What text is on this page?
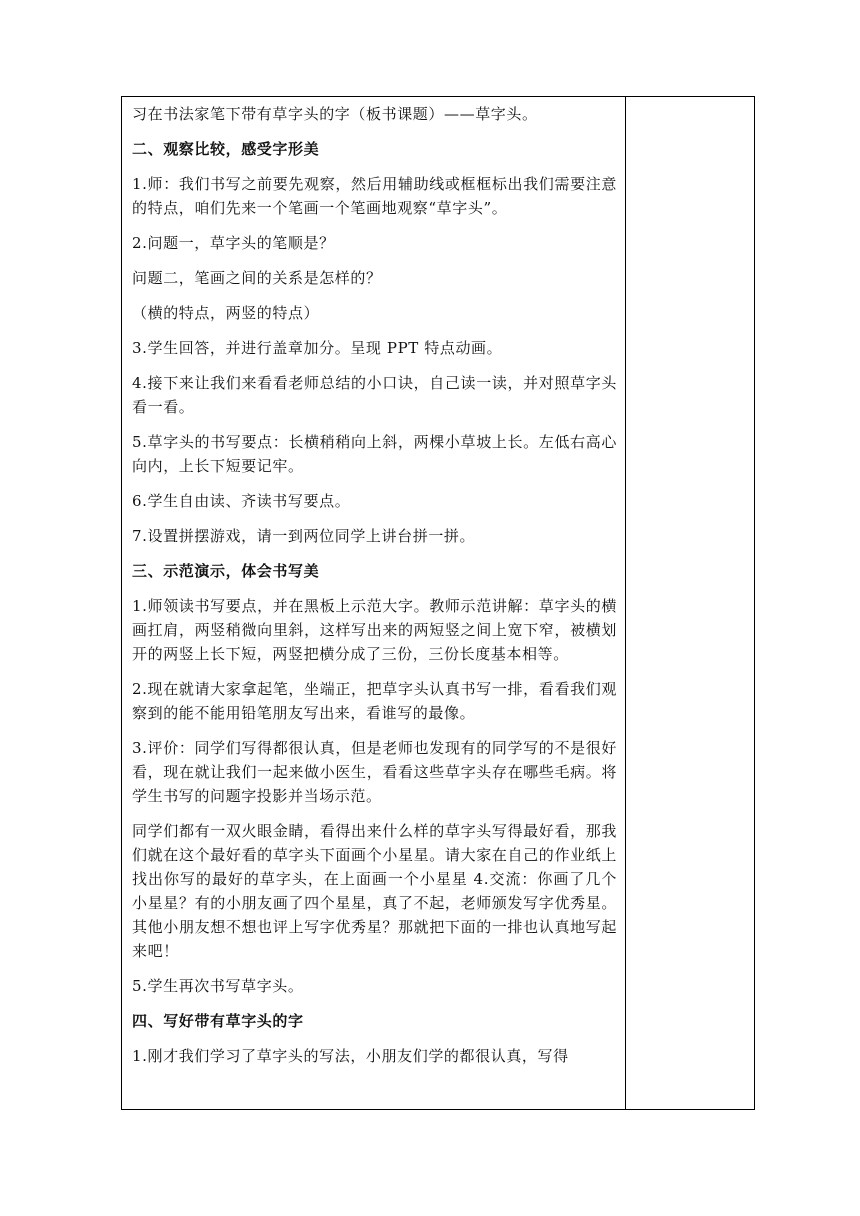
习在书法家笔下带有草字头的字（板书课题）——草字头。

二、观察比较，感受字形美

1.师：我们书写之前要先观察，然后用辅助线或框框标出我们需要注意的特点，咱们先来一个笔画一个笔画地观察“草字头”。

2.问题一，草字头的笔顺是？

问题二，笔画之间的关系是怎样的？

（横的特点，两竖的特点）

3.学生回答，并进行盖章加分。呈现 PPT 特点动画。

4.接下来让我们来看看老师总结的小口诀，自己读一读，并对照草字头看一看。

5.草字头的书写要点：长横稍稍向上斜，两棵小草坡上长。左低右高心向内，上长下短要记牢。

6.学生自由读、齐读书写要点。

7.设置拼摆游戏，请一到两位同学上讲台拼一拼。

三、示范演示，体会书写美

1.师领读书写要点，并在黑板上示范大字。教师示范讲解：草字头的横画扛肩，两竖稍微向里斜，这样写出来的两短竖之间上宽下窄，被横划开的两竖上长下短，两竖把横分成了三份，三份长度基本相等。

2.现在就请大家拿起笔，坐端正，把草字头认真书写一排，看看我们观察到的能不能用铅笔朋友写出来，看谁写的最像。

3.评价：同学们写得都很认真，但是老师也发现有的同学写的不是很好看，现在就让我们一起来做小医生，看看这些草字头存在哪些毛病。将学生书写的问题字投影并当场示范。

同学们都有一双火眼金睛，看得出来什么样的草字头写得最好看，那我们就在这个最好看的草字头下面画个小星星。请大家在自己的作业纸上找出你写的最好的草字头，在上面画一个小星星 4.交流：你画了几个小星星？有的小朋友画了四个星星，真了不起，老师颁发写字优秀星。其他小朋友想不想也评上写字优秀星？那就把下面的一排也认真地写起来吧！

5.学生再次书写草字头。

四、写好带有草字头的字

1.刚才我们学习了草字头的写法，小朋友们学的都很认真，写得
